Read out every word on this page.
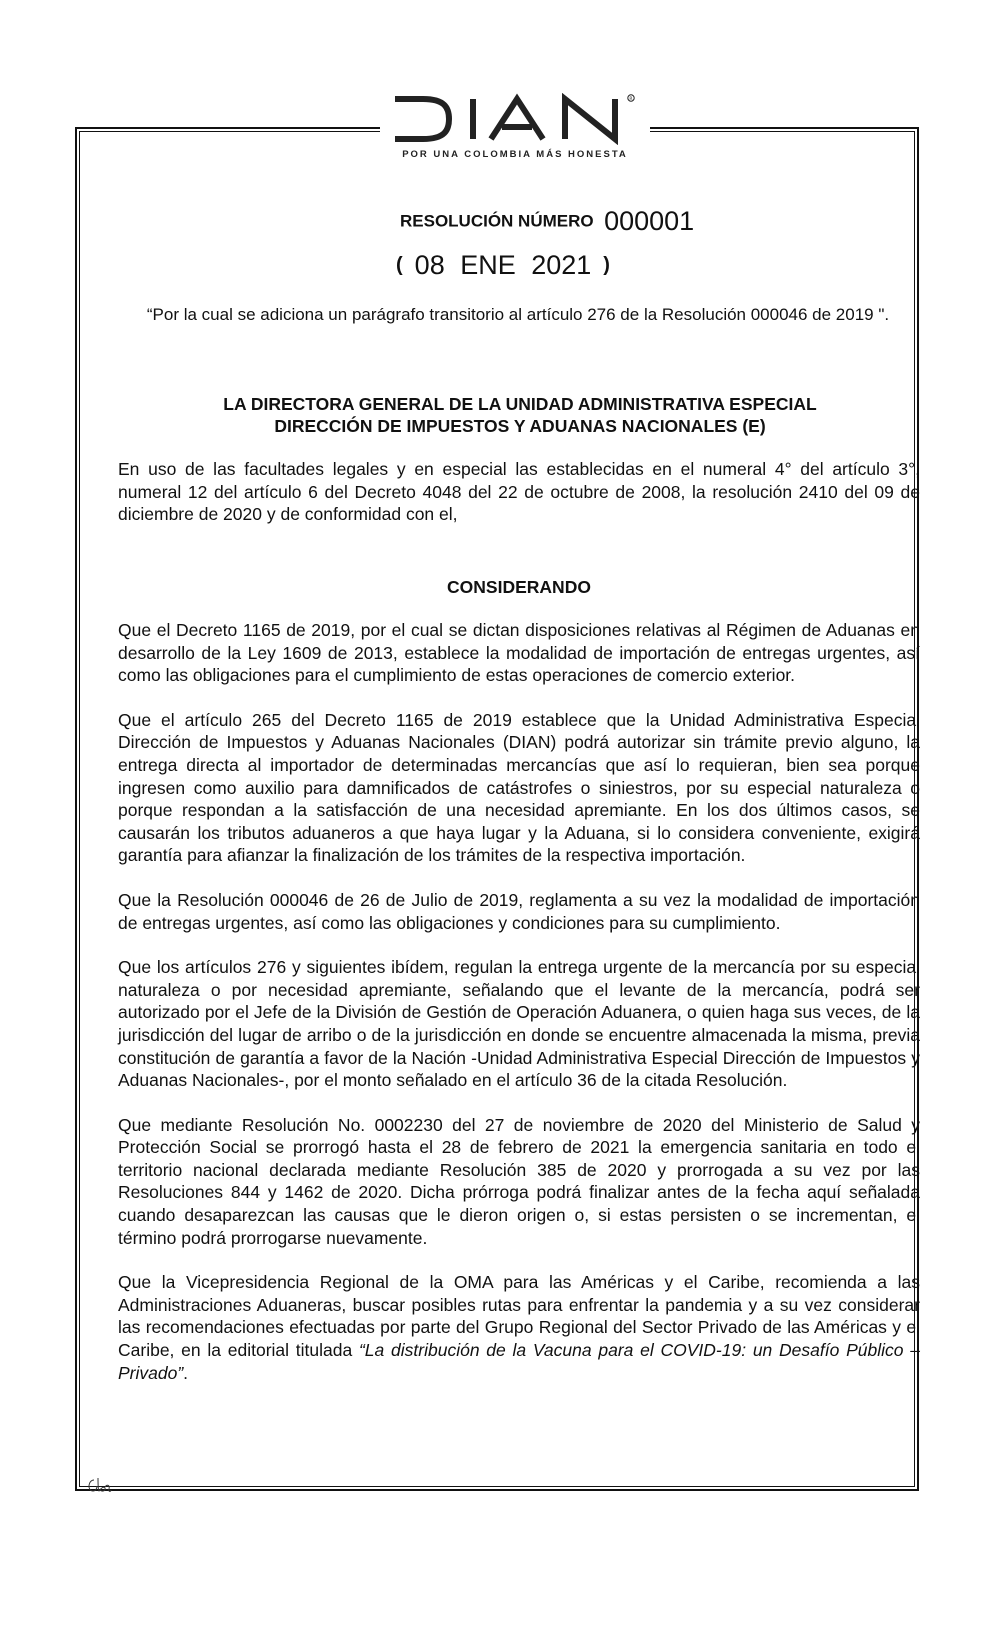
R
POR UNA COLOMBIA MÁS HONESTA
RESOLUCIÓN NÚMERO 000001
( 08 ENE 2021 )
“Por la cual se adiciona un parágrafo transitorio al artículo 276 de la Resolución 000046 de 2019 ".
LA DIRECTORA GENERAL DE LA UNIDAD ADMINISTRATIVA ESPECIAL
DIRECCIÓN DE IMPUESTOS Y ADUANAS NACIONALES (E)
En uso de las facultades legales y en especial las establecidas en el numeral 4° del artículo 3°, numeral 12 del artículo 6 del Decreto 4048 del 22 de octubre de 2008, la resolución 2410 del 09 de diciembre de 2020 y de conformidad con el,
CONSIDERANDO
Que el Decreto 1165 de 2019, por el cual se dictan disposiciones relativas al Régimen de Aduanas en desarrollo de la Ley 1609 de 2013, establece la modalidad de importación de entregas urgentes, así como las obligaciones para el cumplimiento de estas operaciones de comercio exterior.
Que el artículo 265 del Decreto 1165 de 2019 establece que la Unidad Administrativa Especial Dirección de Impuestos y Aduanas Nacionales (DIAN) podrá autorizar sin trámite previo alguno, la entrega directa al importador de determinadas mercancías que así lo requieran, bien sea porque ingresen como auxilio para damnificados de catástrofes o siniestros, por su especial naturaleza o porque respondan a la satisfacción de una necesidad apremiante. En los dos últimos casos, se causarán los tributos aduaneros a que haya lugar y la Aduana, si lo considera conveniente, exigirá garantía para afianzar la finalización de los trámites de la respectiva importación.
Que la Resolución 000046 de 26 de Julio de 2019, reglamenta a su vez la modalidad de importación de entregas urgentes, así como las obligaciones y condiciones para su cumplimiento.
Que los artículos 276 y siguientes ibídem, regulan la entrega urgente de la mercancía por su especial naturaleza o por necesidad apremiante, señalando que el levante de la mercancía, podrá ser autorizado por el Jefe de la División de Gestión de Operación Aduanera, o quien haga sus veces, de la jurisdicción del lugar de arribo o de la jurisdicción en donde se encuentre almacenada la misma, previa constitución de garantía a favor de la Nación -Unidad Administrativa Especial Dirección de Impuestos y Aduanas Nacionales-, por el monto señalado en el artículo 36 de la citada Resolución.
Que mediante Resolución No. 0002230 del 27 de noviembre de 2020 del Ministerio de Salud y Protección Social se prorrogó hasta el 28 de febrero de 2021 la emergencia sanitaria en todo el territorio nacional declarada mediante Resolución 385 de 2020 y prorrogada a su vez por las Resoluciones 844 y 1462 de 2020. Dicha prórroga podrá finalizar antes de la fecha aquí señalada cuando desaparezcan las causas que le dieron origen o, si estas persisten o se incrementan, el término podrá prorrogarse nuevamente.
Que la Vicepresidencia Regional de la OMA para las Américas y el Caribe, recomienda a las Administraciones Aduaneras, buscar posibles rutas para enfrentar la pandemia y a su vez considerar las recomendaciones efectuadas por parte del Grupo Regional del Sector Privado de las Américas y el Caribe, en la editorial titulada “La distribución de la Vacuna para el COVID-19: un Desafío Público – Privado”.
